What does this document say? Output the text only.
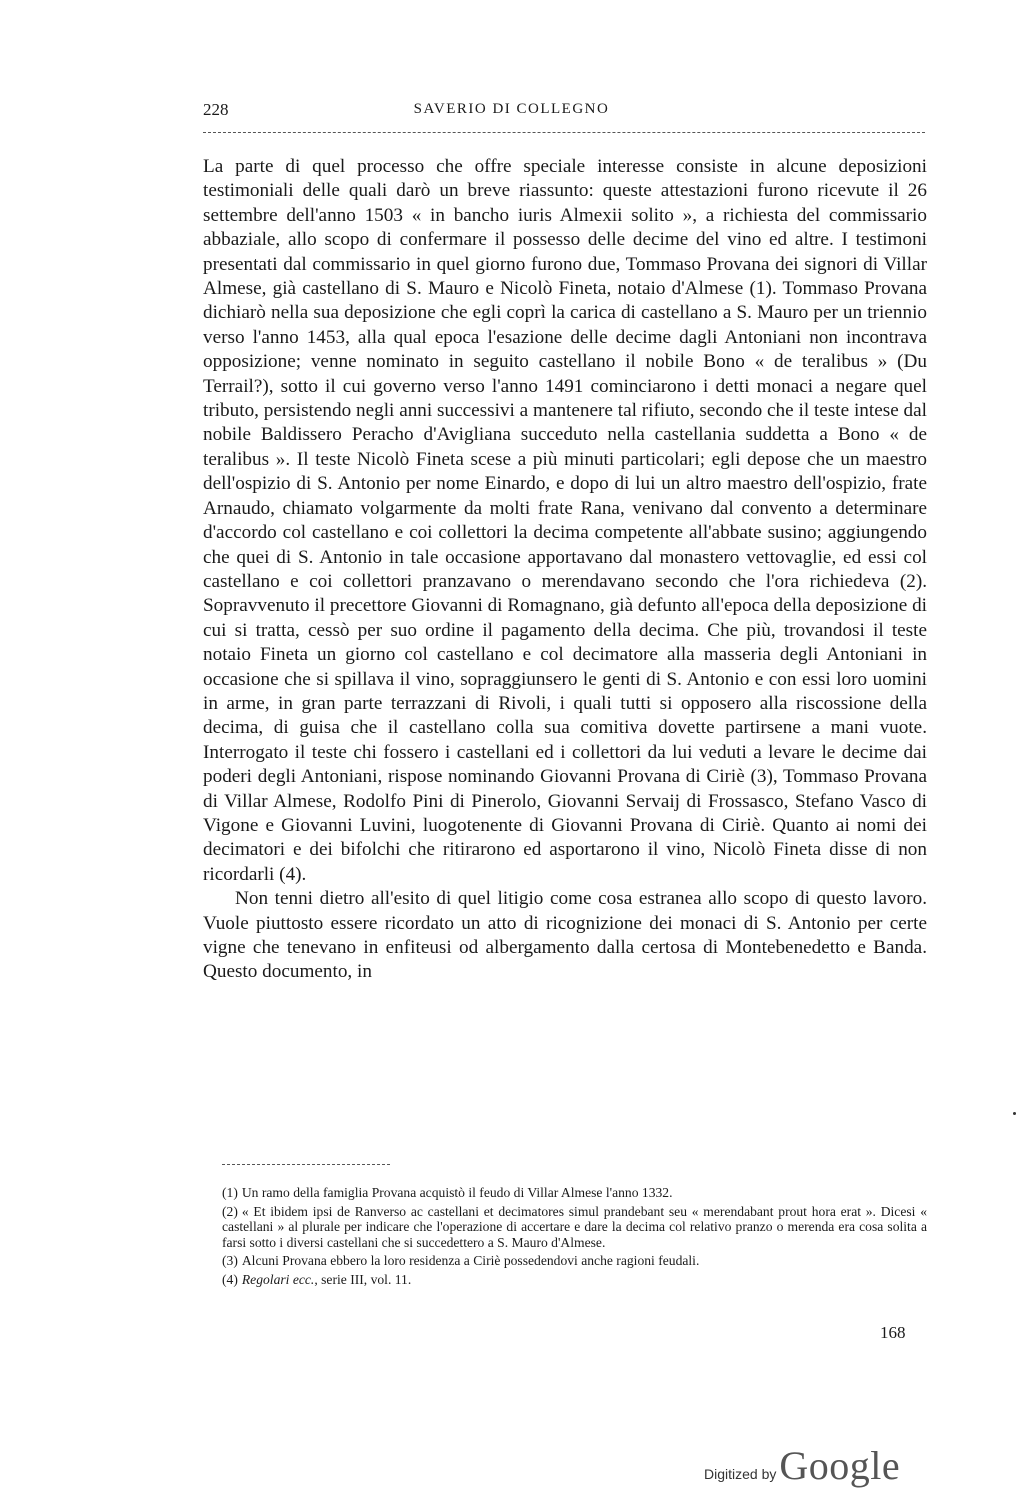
228	SAVERIO DI COLLEGNO

La parte di quel processo che offre speciale interesse consiste in alcune deposizioni testimoniali delle quali darò un breve riassunto: queste attestazioni furono ricevute il 26 settembre dell'anno 1503 « in bancho iuris Almexii solito », a richiesta del commissario abbaziale, allo scopo di confermare il possesso delle decime del vino ed altre. I testimoni presentati dal commissario in quel giorno furono due, Tommaso Provana dei signori di Villar Almese, già castellano di S. Mauro e Nicolò Fineta, notaio d'Almese (1). Tommaso Provana dichiarò nella sua deposizione che egli coprì la carica di castellano a S. Mauro per un triennio verso l'anno 1453, alla qual epoca l'esazione delle decime dagli Antoniani non incontrava opposizione; venne nominato in seguito castellano il nobile Bono « de teralibus » (Du Terrail?), sotto il cui governo verso l'anno 1491 cominciarono i detti monaci a negare quel tributo, persistendo negli anni successivi a mantenere tal rifiuto, secondo che il teste intese dal nobile Baldissero Peracho d'Avigliana succeduto nella castellania suddetta a Bono « de teralibus ». Il teste Nicolò Fineta scese a più minuti particolari; egli depose che un maestro dell'ospizio di S. Antonio per nome Einardo, e dopo di lui un altro maestro dell'ospizio, frate Arnaudo, chiamato volgarmente da molti frate Rana, venivano dal convento a determinare d'accordo col castellano e coi collettori la decima competente all'abbate susino; aggiungendo che quei di S. Antonio in tale occasione apportavano dal monastero vettovaglie, ed essi col castellano e coi collettori pranzavano o merendavano secondo che l'ora richiedeva (2). Sopravvenuto il precettore Giovanni di Romagnano, già defunto all'epoca della deposizione di cui si tratta, cessò per suo ordine il pagamento della decima. Che più, trovandosi il teste notaio Fineta un giorno col castellano e col decimatore alla masseria degli Antoniani in occasione che si spillava il vino, sopraggiunsero le genti di S. Antonio e con essi loro uomini in arme, in gran parte terrazzani di Rivoli, i quali tutti si opposero alla riscossione della decima, di guisa che il castellano colla sua comitiva dovette partirsene a mani vuote. Interrogato il teste chi fossero i castellani ed i collettori da lui veduti a levare le decime dai poderi degli Antoniani, rispose nominando Giovanni Provana di Ciriè (3), Tommaso Provana di Villar Almese, Rodolfo Pini di Pinerolo, Giovanni Servaij di Frossasco, Stefano Vasco di Vigone e Giovanni Luvini, luogotenente di Giovanni Provana di Ciriè. Quanto ai nomi dei decimatori e dei bifolchi che ritirarono ed asportarono il vino, Nicolò Fineta disse di non ricordarli (4).

Non tenni dietro all'esito di quel litigio come cosa estranea allo scopo di questo lavoro. Vuole piuttosto essere ricordato un atto di ricognizione dei monaci di S. Antonio per certe vigne che tenevano in enfiteusi od albergamento dalla certosa di Montebenedetto e Banda. Questo documento, in

(1) Un ramo della famiglia Provana acquistò il feudo di Villar Almese l'anno 1332.

(2) « Et ibidem ipsi de Ranverso ac castellani et decimatores simul prandebant seu « merendabant prout hora erat ». Dicesi « castellani » al plurale per indicare che l'operazione di accertare e dare la decima col relativo pranzo o merenda era cosa solita a farsi sotto i diversi castellani che si succedettero a S. Mauro d'Almese.

(3) Alcuni Provana ebbero la loro residenza a Ciriè possedendovi anche ragioni feudali.

(4) Regolari ecc., serie III, vol. 11.

168
Digitized by Google
